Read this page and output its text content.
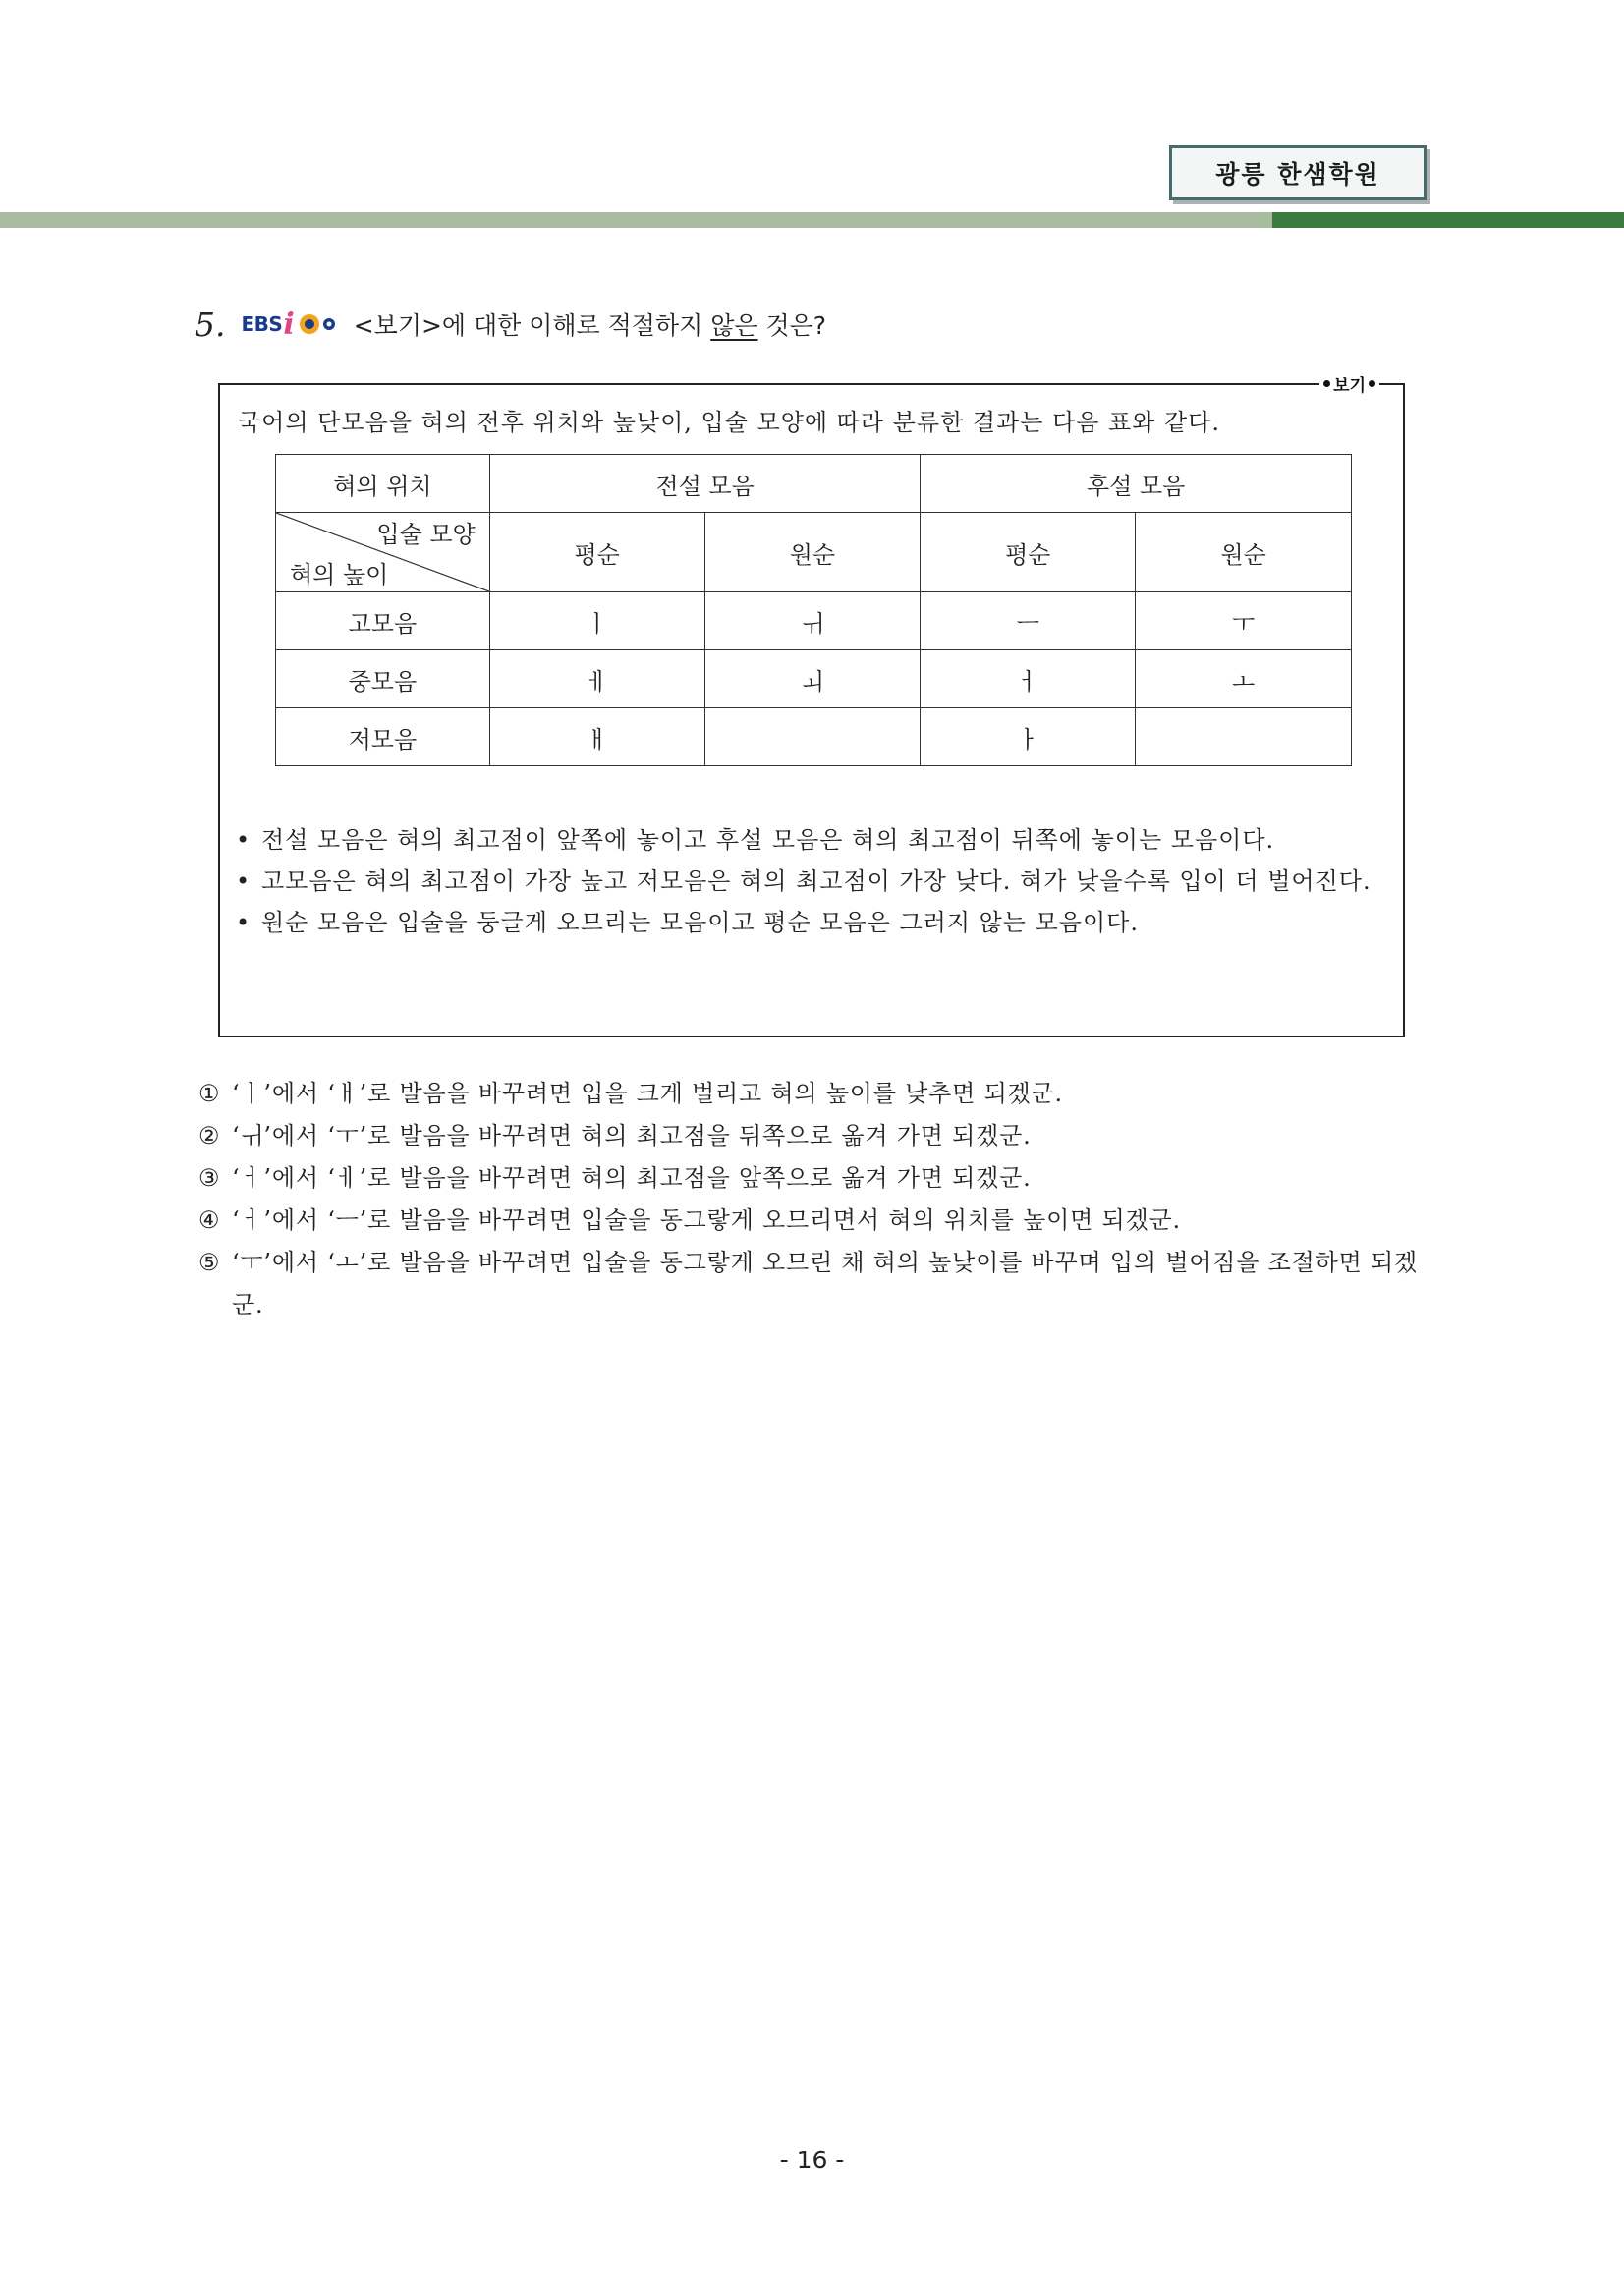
광릉 한샘학원
5. EBS i <보기>에 대한 이해로 적절하지 않은 것은?
보기
국어의 단모음을 혀의 전후 위치와 높낮이, 입술 모양에 따라 분류한 결과는 다음 표와 같다.
혀의 위치	전설 모음		후설 모음	

입술 모양
혀의 높이	평순	원순	평순	원순
고모음	ㅣ	ㅟ	ㅡ	ㅜ
중모음	ㅔ	ㅚ	ㅓ	ㅗ
저모음	ㅐ		ㅏ	
• 전설 모음은 혀의 최고점이 앞쪽에 놓이고 후설 모음은 혀의 최고점이 뒤쪽에 놓이는 모음이다.
• 고모음은 혀의 최고점이 가장 높고 저모음은 혀의 최고점이 가장 낮다. 혀가 낮을수록 입이 더 벌어진다.
• 원순 모음은 입술을 둥글게 오므리는 모음이고 평순 모음은 그러지 않는 모음이다.
① ‘ㅣ’에서 ‘ㅐ’로 발음을 바꾸려면 입을 크게 벌리고 혀의 높이를 낮추면 되겠군.
② ‘ㅟ’에서 ‘ㅜ’로 발음을 바꾸려면 혀의 최고점을 뒤쪽으로 옮겨 가면 되겠군.
③ ‘ㅓ’에서 ‘ㅔ’로 발음을 바꾸려면 혀의 최고점을 앞쪽으로 옮겨 가면 되겠군.
④ ‘ㅓ’에서 ‘ㅡ’로 발음을 바꾸려면 입술을 동그랗게 오므리면서 혀의 위치를 높이면 되겠군.
⑤ ‘ㅜ’에서 ‘ㅗ’로 발음을 바꾸려면 입술을 동그랗게 오므린 채 혀의 높낮이를 바꾸며 입의 벌어짐을 조절하면 되겠군.
- 16 -
